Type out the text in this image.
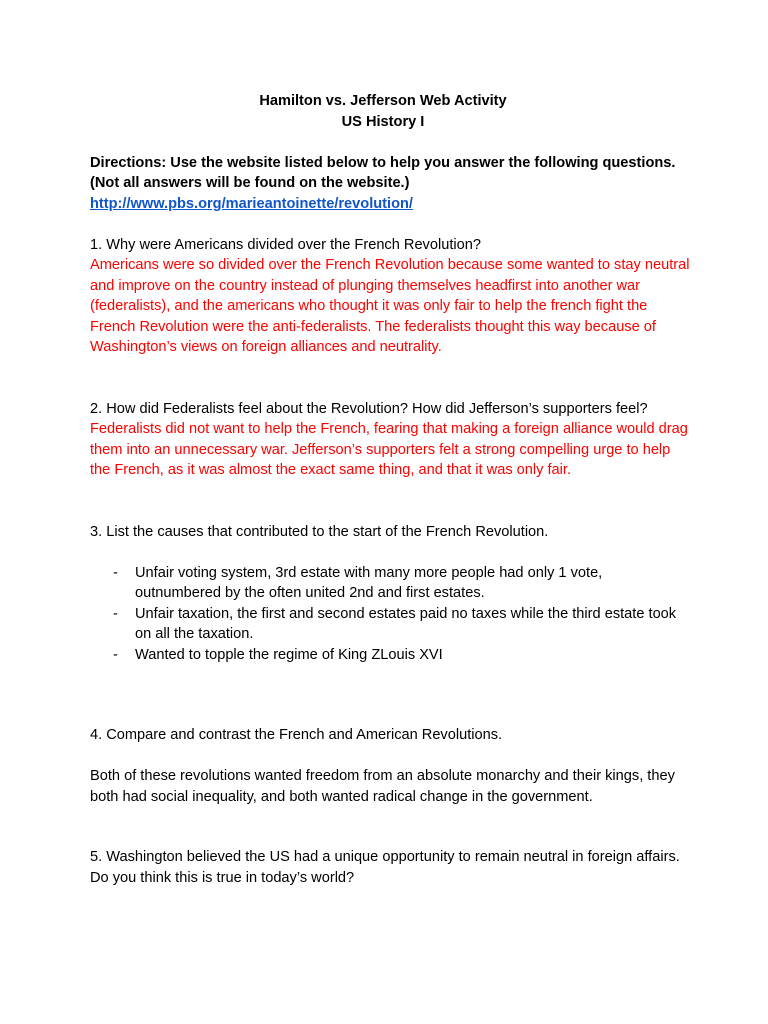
Hamilton vs. Jefferson Web Activity
US History I
Directions: Use the website listed below to help you answer the following questions. (Not all answers will be found on the website.)
http://www.pbs.org/marieantoinette/revolution/
1. Why were Americans divided over the French Revolution?
Americans were so divided over the French Revolution because some wanted to stay neutral and improve on the country instead of plunging themselves headfirst into another war (federalists), and the americans who thought it was only fair to help the french fight the French Revolution were the anti-federalists. The federalists thought this way because of Washington’s views on foreign alliances and neutrality.
2. How did Federalists feel about the Revolution? How did Jefferson’s supporters feel?
Federalists did not want to help the French, fearing that making a foreign alliance would drag them into an unnecessary war. Jefferson’s supporters felt a strong compelling urge to help the French, as it was almost the exact same thing, and that it was only fair.
3. List the causes that contributed to the start of the French Revolution.
- Unfair voting system, 3rd estate with many more people had only 1 vote, outnumbered by the often united 2nd and first estates.
- Unfair taxation, the first and second estates paid no taxes while the third estate took on all the taxation.
- Wanted to topple the regime of King ZLouis XVI
4. Compare and contrast the French and American Revolutions.
Both of these revolutions wanted freedom from an absolute monarchy and their kings, they both had social inequality, and both wanted radical change in the government.
5. Washington believed the US had a unique opportunity to remain neutral in foreign affairs. Do you think this is true in today’s world?
